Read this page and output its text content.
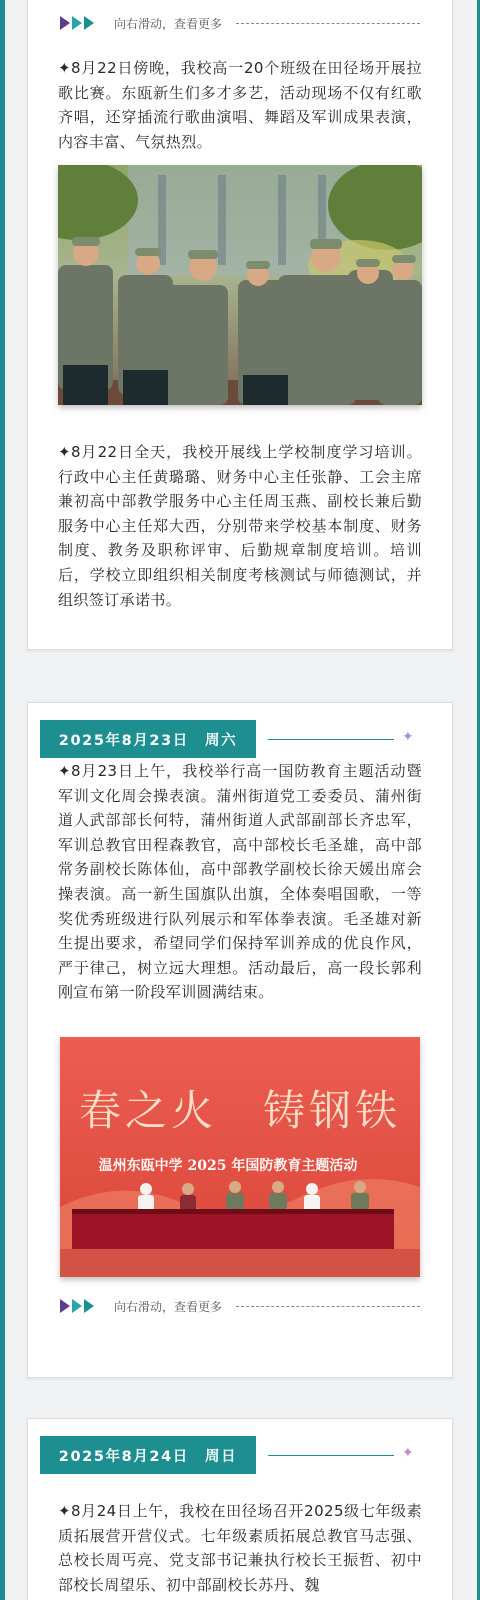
向右滑动，查看更多

✦8月22日傍晚，我校高一20个班级在田径场开展拉歌比赛。东瓯新生们多才多艺，活动现场不仅有红歌齐唱，还穿插流行歌曲演唱、舞蹈及军训成果表演，内容丰富、气氛热烈。

✦8月22日全天，我校开展线上学校制度学习培训。行政中心主任黄璐璐、财务中心主任张静、工会主席兼初高中部教学服务中心主任周玉燕、副校长兼后勤服务中心主任郑大西，分别带来学校基本制度、财务制度、教务及职称评审、后勤规章制度培训。培训后，学校立即组织相关制度考核测试与师德测试，并组织签订承诺书。

2025年8月23日　周六	✦

✦8月23日上午，我校举行高一国防教育主题活动暨军训文化周会操表演。蒲州街道党工委委员、蒲州街道人武部部长何特，蒲州街道人武部副部长齐忠军，军训总教官田程森教官，高中部校长毛圣雄，高中部常务副校长陈体仙，高中部教学副校长徐天媛出席会操表演。高一新生国旗队出旗，全体奏唱国歌，一等奖优秀班级进行队列展示和军体拳表演。毛圣雄对新生提出要求，希望同学们保持军训养成的优良作风，严于律己，树立远大理想。活动最后，高一段长郭利刚宣布第一阶段军训圆满结束。

春之火　铸钢铁
温州东瓯中学 2025 年国防教育主题活动
向右滑动，查看更多
2025年8月24日　周日	✦

✦8月24日上午，我校在田径场召开2025级七年级素质拓展营开营仪式。七年级素质拓展总教官马志强、总校长周丐亮、党支部书记兼执行校长王振哲、初中部校长周望乐、初中部副校长苏丹、魏
